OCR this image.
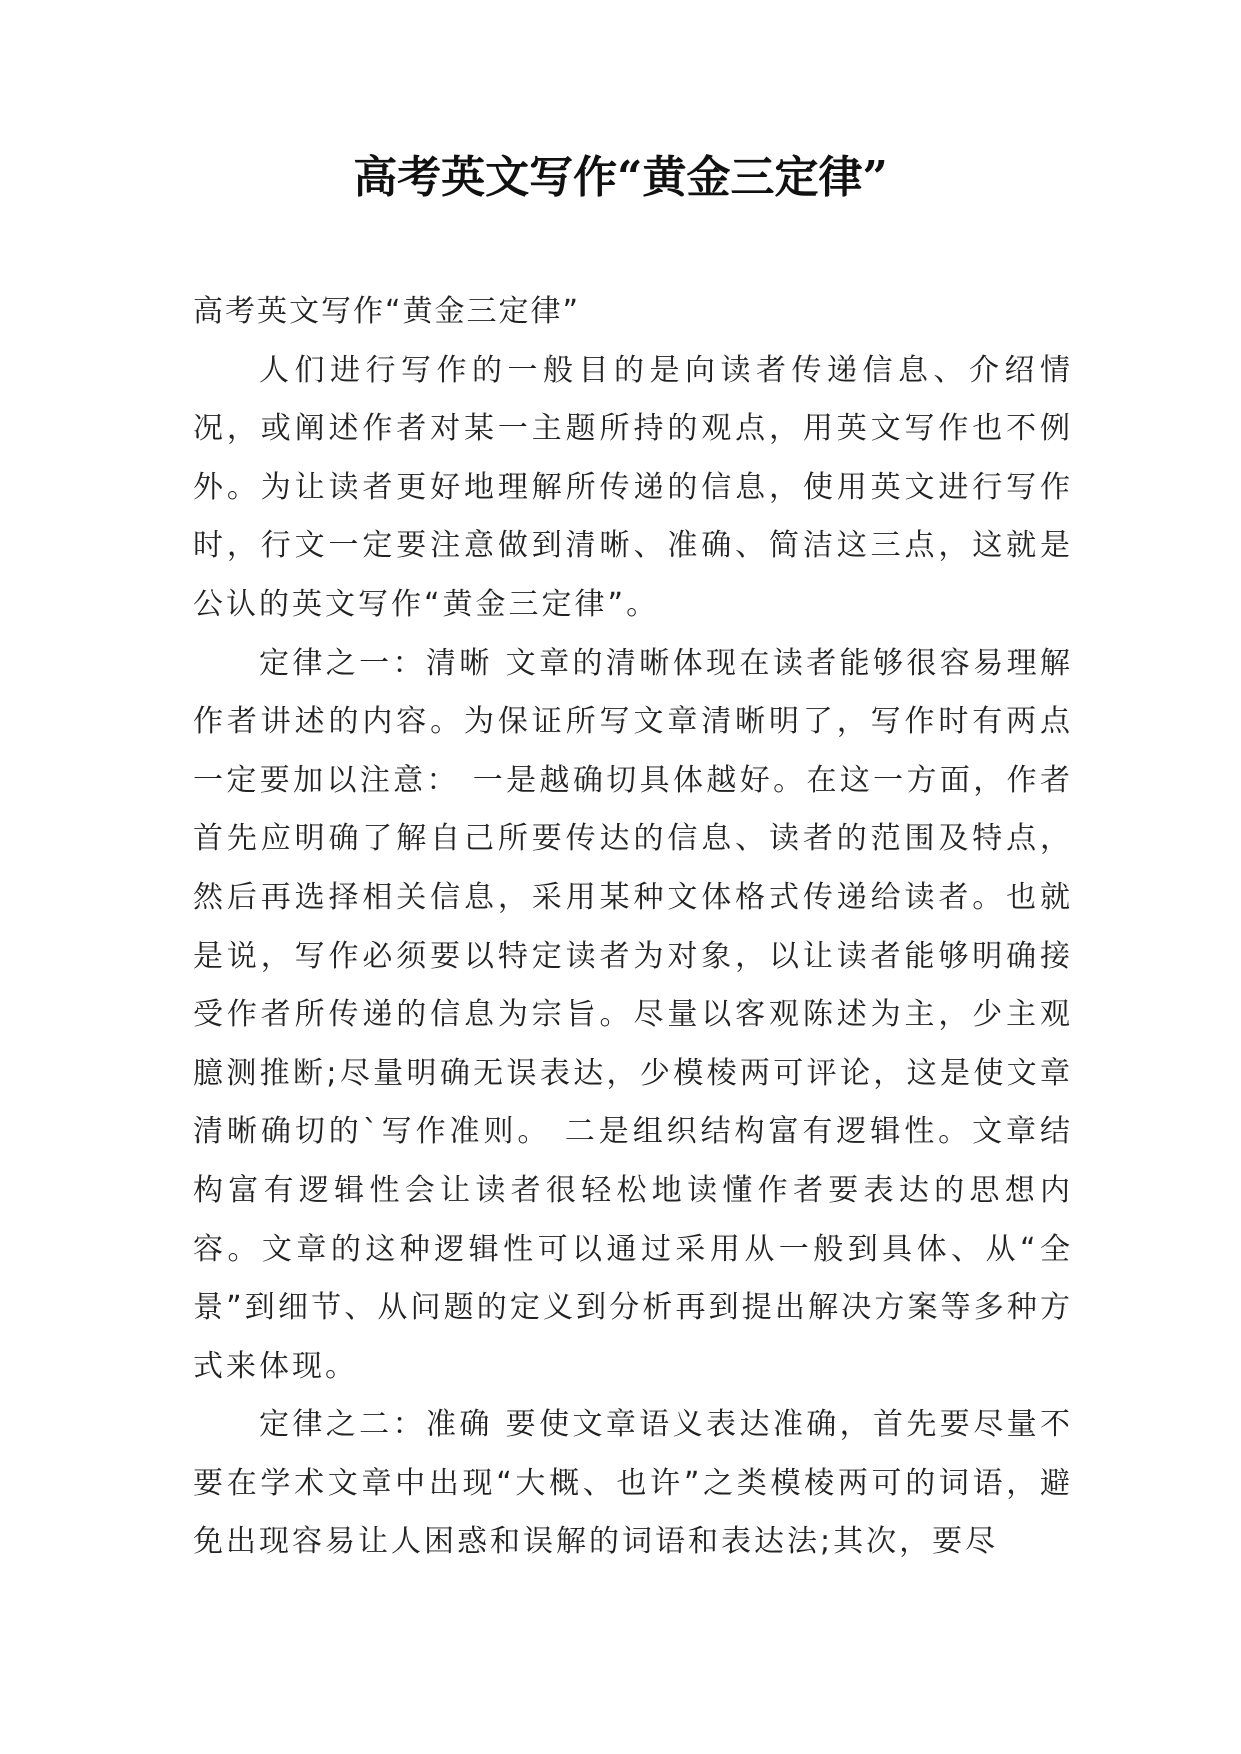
高考英文写作“黄金三定律”

高考英文写作“黄金三定律”

人们进行写作的一般目的是向读者传递信息、介绍情况，或阐述作者对某一主题所持的观点，用英文写作也不例外。为让读者更好地理解所传递的信息，使用英文进行写作时，行文一定要注意做到清晰、准确、简洁这三点，这就是公认的英文写作“黄金三定律”。

定律之一：清晰 文章的清晰体现在读者能够很容易理解作者讲述的内容。为保证所写文章清晰明了，写作时有两点一定要加以注意： 一是越确切具体越好。在这一方面，作者首先应明确了解自己所要传达的信息、读者的范围及特点，然后再选择相关信息，采用某种文体格式传递给读者。也就是说，写作必须要以特定读者为对象，以让读者能够明确接受作者所传递的信息为宗旨。尽量以客观陈述为主，少主观臆测推断;尽量明确无误表达，少模棱两可评论，这是使文章清晰确切的`写作准则。 二是组织结构富有逻辑性。文章结构富有逻辑性会让读者很轻松地读懂作者要表达的思想内容。文章的这种逻辑性可以通过采用从一般到具体、从“全景”到细节、从问题的定义到分析再到提出解决方案等多种方式来体现。

定律之二：准确 要使文章语义表达准确，首先要尽量不要在学术文章中出现“大概、也许”之类模棱两可的词语，避免出现容易让人困惑和误解的词语和表达法;其次，要尽
